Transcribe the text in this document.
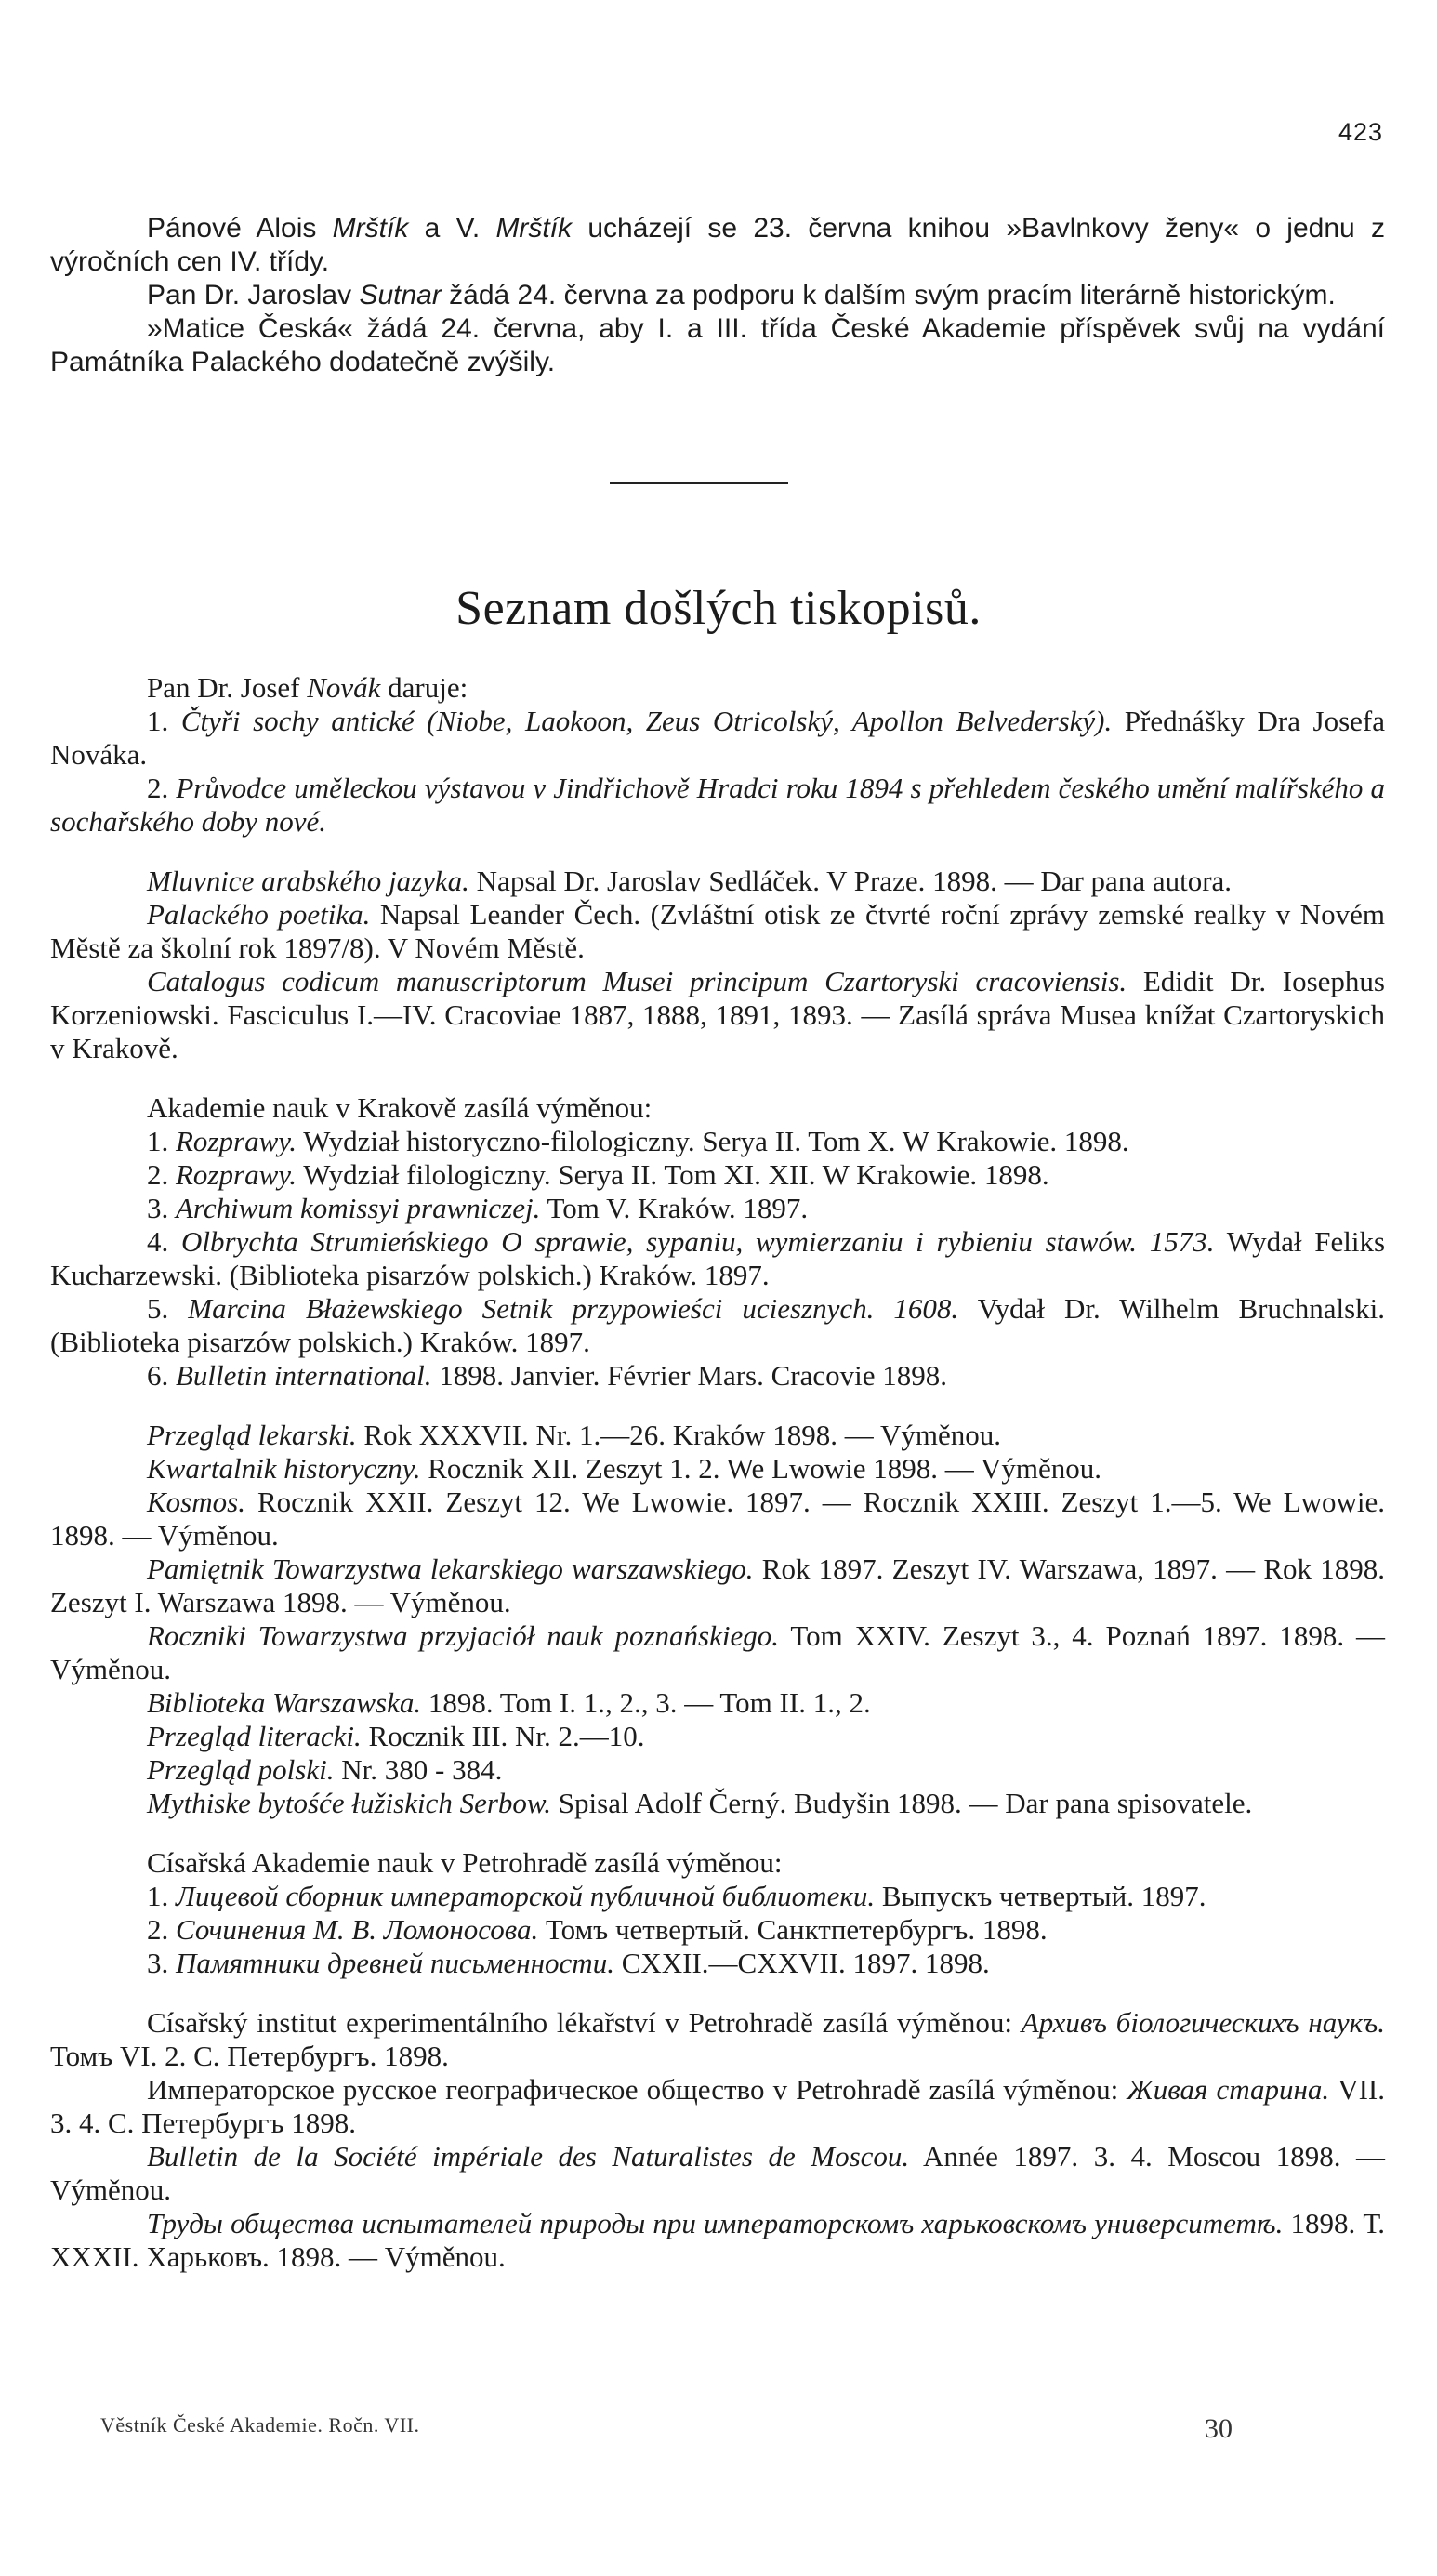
423

Pánové Alois Mrštík a V. Mrštík ucházejí se 23. června knihou »Bavlnkovy ženy« o jednu z výročních cen IV. třídy.

Pan Dr. Jaroslav Sutnar žádá 24. června za podporu k dalším svým pracím literárně historickým.

»Matice Česká« žádá 24. června, aby I. a III. třída České Akademie příspěvek svůj na vydání Památníka Palackého dodatečně zvýšily.

Seznam došlých tiskopisů.

Pan Dr. Josef Novák daruje:

1. Čtyři sochy antické (Niobe, Laokoon, Zeus Otricolský, Apollon Belvederský). Přednášky Dra Josefa Nováka.

2. Průvodce uměleckou výstavou v Jindřichově Hradci roku 1894 s přehledem českého umění malířského a sochařského doby nové.

Mluvnice arabského jazyka. Napsal Dr. Jaroslav Sedláček. V Praze. 1898. — Dar pana autora.

Palackého poetika. Napsal Leander Čech. (Zvláštní otisk ze čtvrté roční zprávy zemské realky v Novém Městě za školní rok 1897/8). V Novém Městě.

Catalogus codicum manuscriptorum Musei principum Czartoryski cracoviensis. Edidit Dr. Iosephus Korzeniowski. Fasciculus I.—IV. Cracoviae 1887, 1888, 1891, 1893. — Zasílá správa Musea knížat Czartoryskich v Krakově.

Akademie nauk v Krakově zasílá výměnou:

1. Rozprawy. Wydział historyczno-filologiczny. Serya II. Tom X. W Krakowie. 1898.

2. Rozprawy. Wydział filologiczny. Serya II. Tom XI. XII. W Krakowie. 1898.

3. Archiwum komissyi prawniczej. Tom V. Kraków. 1897.

4. Olbrychta Strumieńskiego O sprawie, sypaniu, wymierzaniu i rybieniu stawów. 1573. Wydał Feliks Kucharzewski. (Biblioteka pisarzów polskich.) Kraków. 1897.

5. Marcina Błażewskiego Setnik przypowieści uciesznych. 1608. Vydał Dr. Wilhelm Bruchnalski. (Biblioteka pisarzów polskich.) Kraków. 1897.

6. Bulletin international. 1898. Janvier. Février Mars. Cracovie 1898.

Przegląd lekarski. Rok XXXVII. Nr. 1.—26. Kraków 1898. — Výměnou.

Kwartalnik historyczny. Rocznik XII. Zeszyt 1. 2. We Lwowie 1898. — Výměnou.

Kosmos. Rocznik XXII. Zeszyt 12. We Lwowie. 1897. — Rocznik XXIII. Zeszyt 1.—5. We Lwowie. 1898. — Výměnou.

Pamiętnik Towarzystwa lekarskiego warszawskiego. Rok 1897. Zeszyt IV. Warszawa, 1897. — Rok 1898. Zeszyt I. Warszawa 1898. — Výměnou.

Roczniki Towarzystwa przyjaciół nauk poznańskiego. Tom XXIV. Zeszyt 3., 4. Poznań 1897. 1898. — Výměnou.

Biblioteka Warszawska. 1898. Tom I. 1., 2., 3. — Tom II. 1., 2.

Przegląd literacki. Rocznik III. Nr. 2.—10.

Przegląd polski. Nr. 380 - 384.

Mythiske bytośće łužiskich Serbow. Spisal Adolf Černý. Budyšin 1898. — Dar pana spisovatele.

Císařská Akademie nauk v Petrohradě zasílá výměnou:

1. Лицевой сборник императорской публичной библиотеки. Выпускъ четвертый. 1897.

2. Сочинения М. В. Ломоносова. Томъ четвертый. Санктпетербургъ. 1898.

3. Памятники древней письменности. CXXII.—CXXVII. 1897. 1898.

Císařský institut experimentálního lékařství v Petrohradě zasílá výměnou: Архивъ біологическихъ наукъ. Томъ VI. 2. С. Петербургъ. 1898.

Императорское русское географическое общество v Petrohradě zasílá výměnou: Живая старина. VII. 3. 4. С. Петербургъ 1898.

Bulletin de la Société impériale des Naturalistes de Moscou. Année 1897. 3. 4. Moscou 1898. — Výměnou.

Труды общества испытателей природы при императорскомъ харьковскомъ университетѣ. 1898. Т. XXXII. Харьковъ. 1898. — Výměnou.

Věstník České Akademie. Ročn. VII.	30
